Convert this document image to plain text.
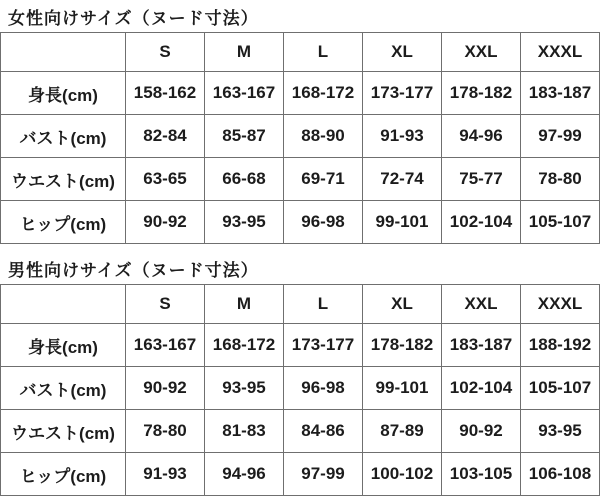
女性向けサイズ（ヌード寸法）
	S	M	L	XL	XXL	XXXL
身長(cm)	158-162	163-167	168-172	173-177	178-182	183-187
バスト(cm)	82-84	85-87	88-90	91-93	94-96	97-99
ウエスト(cm)	63-65	66-68	69-71	72-74	75-77	78-80
ヒップ(cm)	90-92	93-95	96-98	99-101	102-104	105-107
男性向けサイズ（ヌード寸法）
	S	M	L	XL	XXL	XXXL
身長(cm)	163-167	168-172	173-177	178-182	183-187	188-192
バスト(cm)	90-92	93-95	96-98	99-101	102-104	105-107
ウエスト(cm)	78-80	81-83	84-86	87-89	90-92	93-95
ヒップ(cm)	91-93	94-96	97-99	100-102	103-105	106-108
